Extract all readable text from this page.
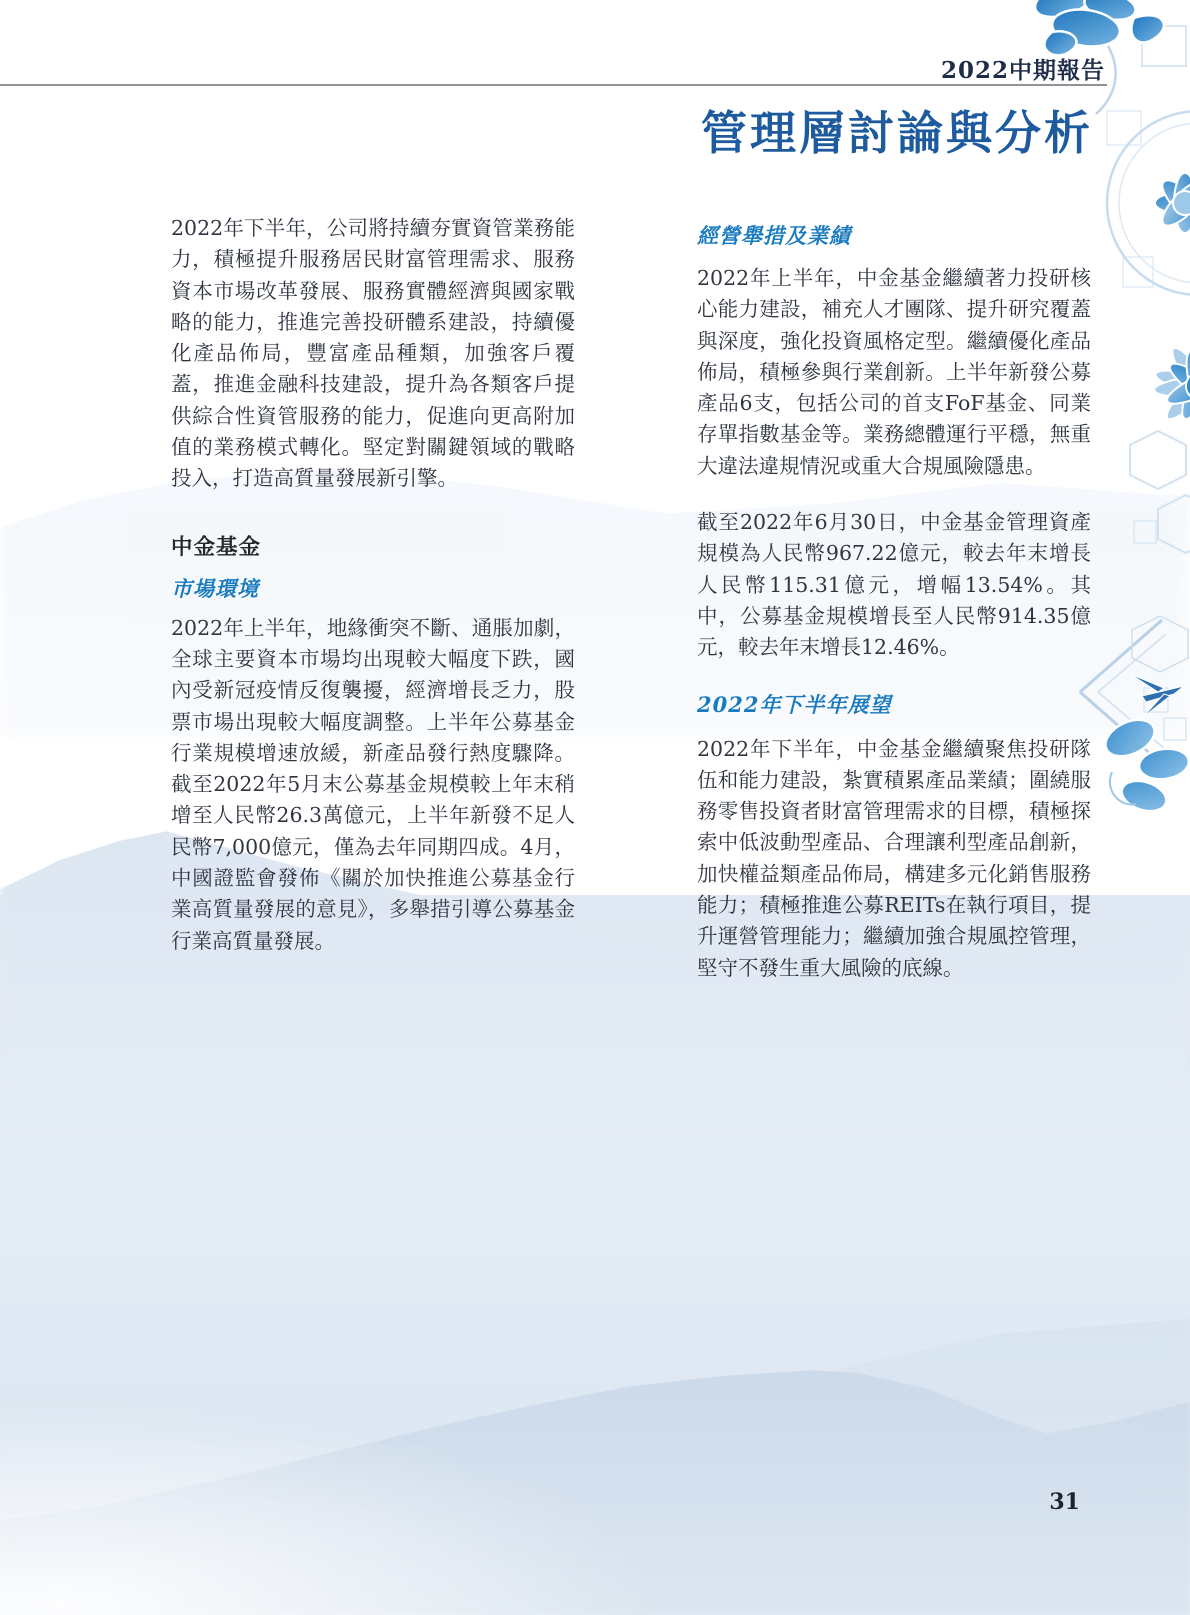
2022中期報告
管理層討論與分析

2022年下半年，公司將持續夯實資管業務能力，積極提升服務居民財富管理需求、服務資本市場改革發展、服務實體經濟與國家戰略的能力，推進完善投研體系建設，持續優化產品佈局，豐富產品種類，加強客戶覆蓋，推進金融科技建設，提升為各類客戶提供綜合性資管服務的能力，促進向更高附加值的業務模式轉化。堅定對關鍵領域的戰略投入，打造高質量發展新引擎。

中金基金
市場環境

2022年上半年，地緣衝突不斷、通脹加劇，全球主要資本市場均出現較大幅度下跌，國內受新冠疫情反復襲擾，經濟增長乏力，股票市場出現較大幅度調整。上半年公募基金行業規模增速放緩，新產品發行熱度驟降。截至2022年5月末公募基金規模較上年末稍增至人民幣26.3萬億元，上半年新發不足人民幣7,000億元，僅為去年同期四成。4月，中國證監會發佈《關於加快推進公募基金行業高質量發展的意見》，多舉措引導公募基金行業高質量發展。

經營舉措及業績

2022年上半年，中金基金繼續著力投研核心能力建設，補充人才團隊、提升研究覆蓋與深度，強化投資風格定型。繼續優化產品佈局，積極參與行業創新。上半年新發公募產品6支，包括公司的首支FoF基金、同業存單指數基金等。業務總體運行平穩，無重大違法違規情況或重大合規風險隱患。

截至2022年6月30日，中金基金管理資產規模為人民幣967.22億元，較去年末增長人民幣115.31億元，增幅13.54%。其中，公募基金規模增長至人民幣914.35億元，較去年末增長12.46%。

2022年下半年展望

2022年下半年，中金基金繼續聚焦投研隊伍和能力建設，紮實積累產品業績；圍繞服務零售投資者財富管理需求的目標，積極探索中低波動型產品、合理讓利型產品創新，加快權益類產品佈局，構建多元化銷售服務能力；積極推進公募REITs在執行項目，提升運營管理能力；繼續加強合規風控管理，堅守不發生重大風險的底線。

31
